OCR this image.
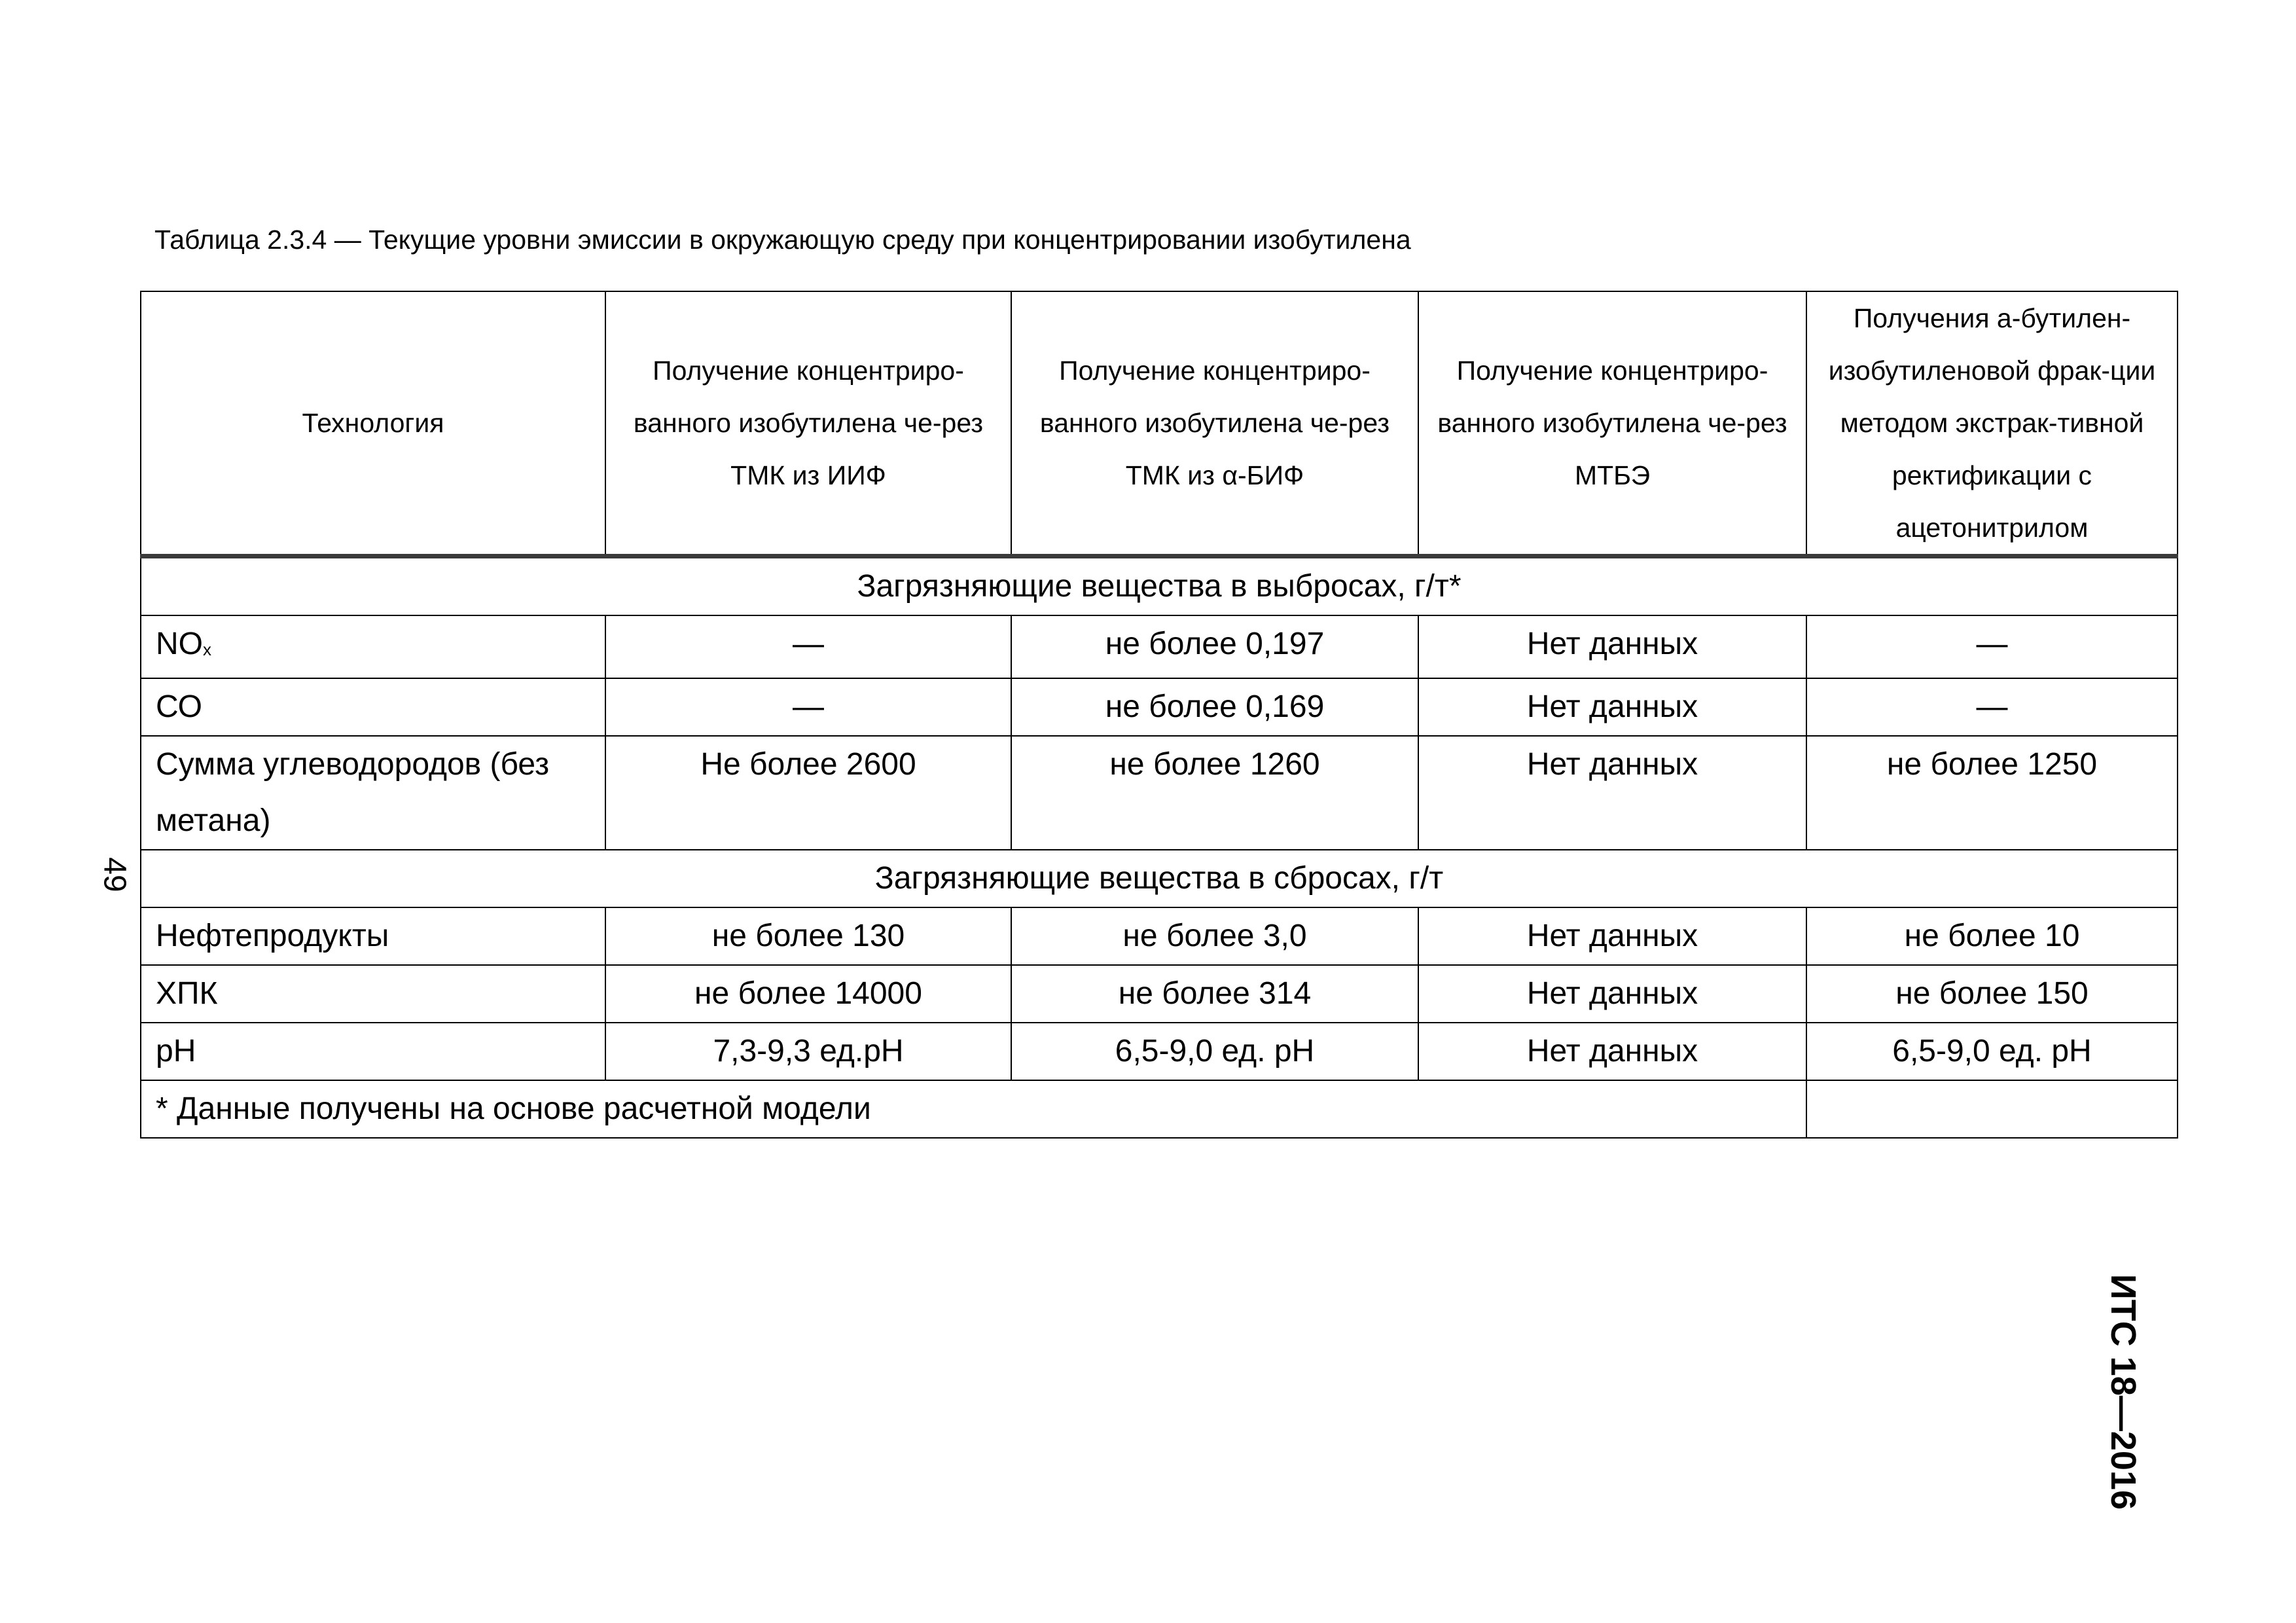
Таблица 2.3.4 — Текущие уровни эмиссии в окружающую среду при концентрировании изобутилена
Технология	Получение концентриро-ванного изобутилена че-рез ТМК из ИИФ	Получение концентриро-ванного изобутилена че-рез ТМК из α-БИФ	Получение концентриро-ванного изобутилена че-рез МТБЭ	Получения а-бутилен-изобутиленовой фрак-ции методом экстрак-тивной ректификации с ацетонитрилом
Загрязняющие вещества в выбросах, г/т*				
$NO_x$	—	не более 0,197	Нет данных	—
СО	—	не более 0,169	Нет данных	—
Сумма углеводородов (без метана)	Не более 2600	не более 1260	Нет данных	не более 1250
Загрязняющие вещества в сбросах, г/т				
Нефтепродукты	не более 130	не более 3,0	Нет данных	не более 10
ХПК	не более 14000	не более 314	Нет данных	не более 150
pH	7,3-9,3 ед.pH	6,5-9,0 ед. pH	Нет данных	6,5-9,0 ед. pH
* Данные получены на основе расчетной модели				
49
ИТС 18—2016
